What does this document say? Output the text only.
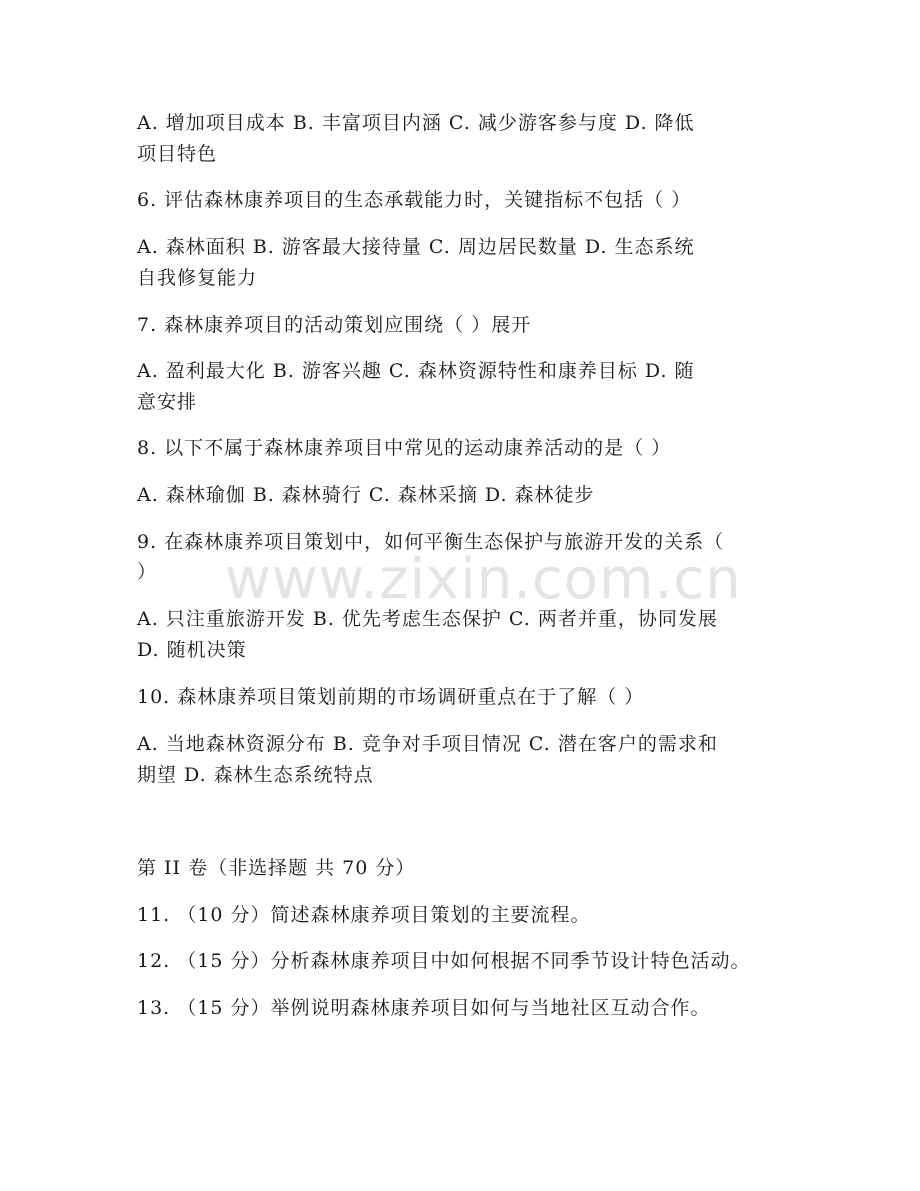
www.zixin.com.cn
A. 增加项目成本 B. 丰富项目内涵 C. 减少游客参与度 D. 降低
项目特色
6. 评估森林康养项目的生态承载能力时，关键指标不包括（ ）
A. 森林面积 B. 游客最大接待量 C. 周边居民数量 D. 生态系统
自我修复能力
7. 森林康养项目的活动策划应围绕（ ）展开
A. 盈利最大化 B. 游客兴趣 C. 森林资源特性和康养目标 D. 随
意安排
8. 以下不属于森林康养项目中常见的运动康养活动的是（ ）
A. 森林瑜伽 B. 森林骑行 C. 森林采摘 D. 森林徒步
9. 在森林康养项目策划中，如何平衡生态保护与旅游开发的关系（
）
A. 只注重旅游开发 B. 优先考虑生态保护 C. 两者并重，协同发展
D. 随机决策
10. 森林康养项目策划前期的市场调研重点在于了解（ ）
A. 当地森林资源分布 B. 竞争对手项目情况 C. 潜在客户的需求和
期望 D. 森林生态系统特点
第 II 卷（非选择题 共 70 分）
11. （10 分）简述森林康养项目策划的主要流程。
12. （15 分）分析森林康养项目中如何根据不同季节设计特色活动。
13. （15 分）举例说明森林康养项目如何与当地社区互动合作。
